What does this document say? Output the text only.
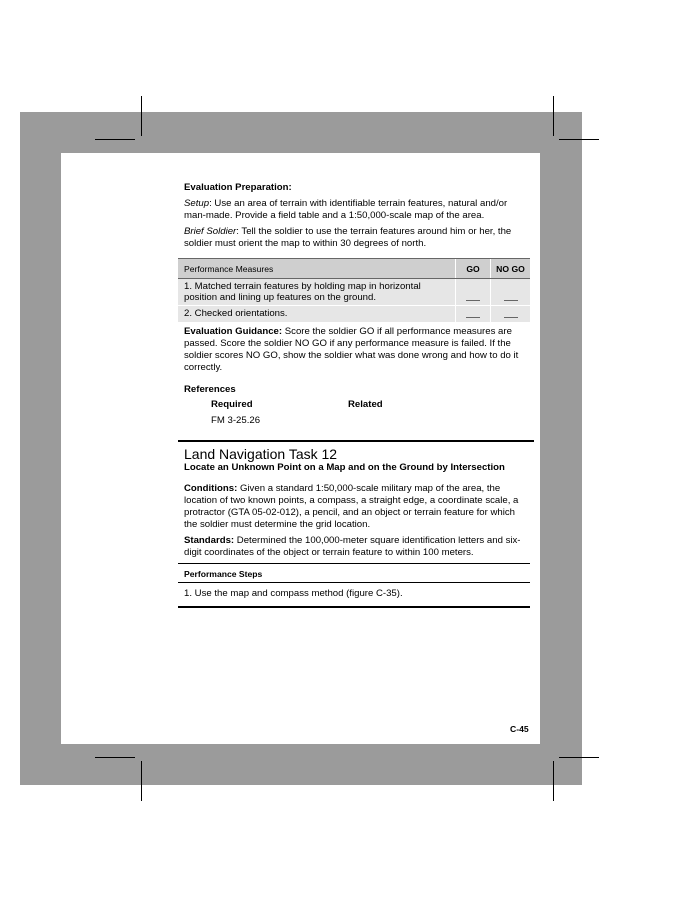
Evaluation Preparation:

Setup: Use an area of terrain with identifiable terrain features, natural and/or man-made. Provide a field table and a 1:50,000-scale map of the area.

Brief Soldier: Tell the soldier to use the terrain features around him or her, the soldier must orient the map to within 30 degrees of north.

Performance Measures	GO	NO GO
1. Matched terrain features by holding map in horizontal position and lining up features on the ground.		
2. Checked orientations.		

Evaluation Guidance: Score the soldier GO if all performance measures are passed. Score the soldier NO GO if any performance measure is failed. If the soldier scores NO GO, show the soldier what was done wrong and how to do it correctly.

References

Required	Related

FM 3-25.26

Land Navigation Task 12
Locate an Unknown Point on a Map and on the Ground by Intersection

Conditions: Given a standard 1:50,000-scale military map of the area, the location of two known points, a compass, a straight edge, a coordinate scale, a protractor (GTA 05-02-012), a pencil, and an object or terrain feature for which the soldier must determine the grid location.

Standards: Determined the 100,000-meter square identification letters and six-digit coordinates of the object or terrain feature to within 100 meters.

Performance Steps
1. Use the map and compass method (figure C-35).
C-45
